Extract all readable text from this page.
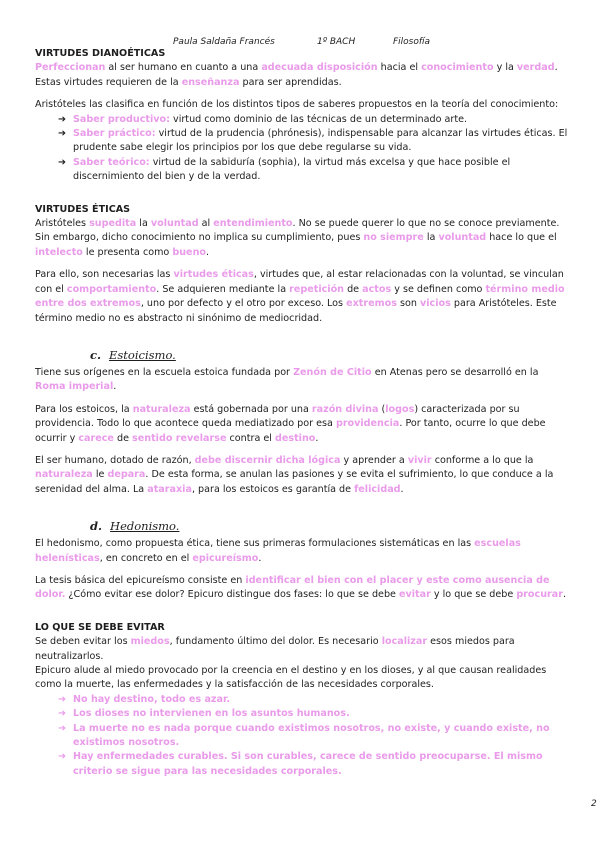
Paula Saldaña Francés	1º BACH	Filosofía

VIRTUDES DIANOÉTICAS

Perfeccionan al ser humano en cuanto a una adecuada disposición hacia el conocimiento y la verdad.
Estas virtudes requieren de la enseñanza para ser aprendidas.

Aristóteles las clasifica en función de los distintos tipos de saberes propuestos en la teoría del conocimiento:

➔ Saber productivo: virtud como dominio de las técnicas de un determinado arte.
➔ Saber práctico: virtud de la prudencia (phrónesis), indispensable para alcanzar las virtudes éticas. El prudente sabe elegir los principios por los que debe regularse su vida.
➔ Saber teórico: virtud de la sabiduría (sophia), la virtud más excelsa y que hace posible el discernimiento del bien y de la verdad.

VIRTUDES ÉTICAS

Aristóteles supedita la voluntad al entendimiento. No se puede querer lo que no se conoce previamente. Sin embargo, dicho conocimiento no implica su cumplimiento, pues no siempre la voluntad hace lo que el intelecto le presenta como bueno.

Para ello, son necesarias las virtudes éticas, virtudes que, al estar relacionadas con la voluntad, se vinculan con el comportamiento. Se adquieren mediante la repetición de actos y se definen como término medio entre dos extremos, uno por defecto y el otro por exceso. Los extremos son vicios para Aristóteles. Este término medio no es abstracto ni sinónimo de mediocridad.

c. Estoicismo.

Tiene sus orígenes en la escuela estoica fundada por Zenón de Citio en Atenas pero se desarrolló en la Roma imperial.

Para los estoicos, la naturaleza está gobernada por una razón divina (logos) caracterizada por su providencia. Todo lo que acontece queda mediatizado por esa providencia. Por tanto, ocurre lo que debe ocurrir y carece de sentido revelarse contra el destino.

El ser humano, dotado de razón, debe discernir dicha lógica y aprender a vivir conforme a lo que la naturaleza le depara. De esta forma, se anulan las pasiones y se evita el sufrimiento, lo que conduce a la serenidad del alma. La ataraxia, para los estoicos es garantía de felicidad.

d. Hedonismo.

El hedonismo, como propuesta ética, tiene sus primeras formulaciones sistemáticas en las escuelas helenísticas, en concreto en el epicureísmo.

La tesis básica del epicureísmo consiste en identificar el bien con el placer y este como ausencia de dolor. ¿Cómo evitar ese dolor? Epicuro distingue dos fases: lo que se debe evitar y lo que se debe procurar.

LO QUE SE DEBE EVITAR

Se deben evitar los miedos, fundamento último del dolor. Es necesario localizar esos miedos para neutralizarlos.

Epicuro alude al miedo provocado por la creencia en el destino y en los dioses, y al que causan realidades como la muerte, las enfermedades y la satisfacción de las necesidades corporales.

➔ No hay destino, todo es azar.
➔ Los dioses no intervienen en los asuntos humanos.
➔ La muerte no es nada porque cuando existimos nosotros, no existe, y cuando existe, no existimos nosotros.
➔ Hay enfermedades curables. Si son curables, carece de sentido preocuparse. El mismo criterio se sigue para las necesidades corporales.
2
